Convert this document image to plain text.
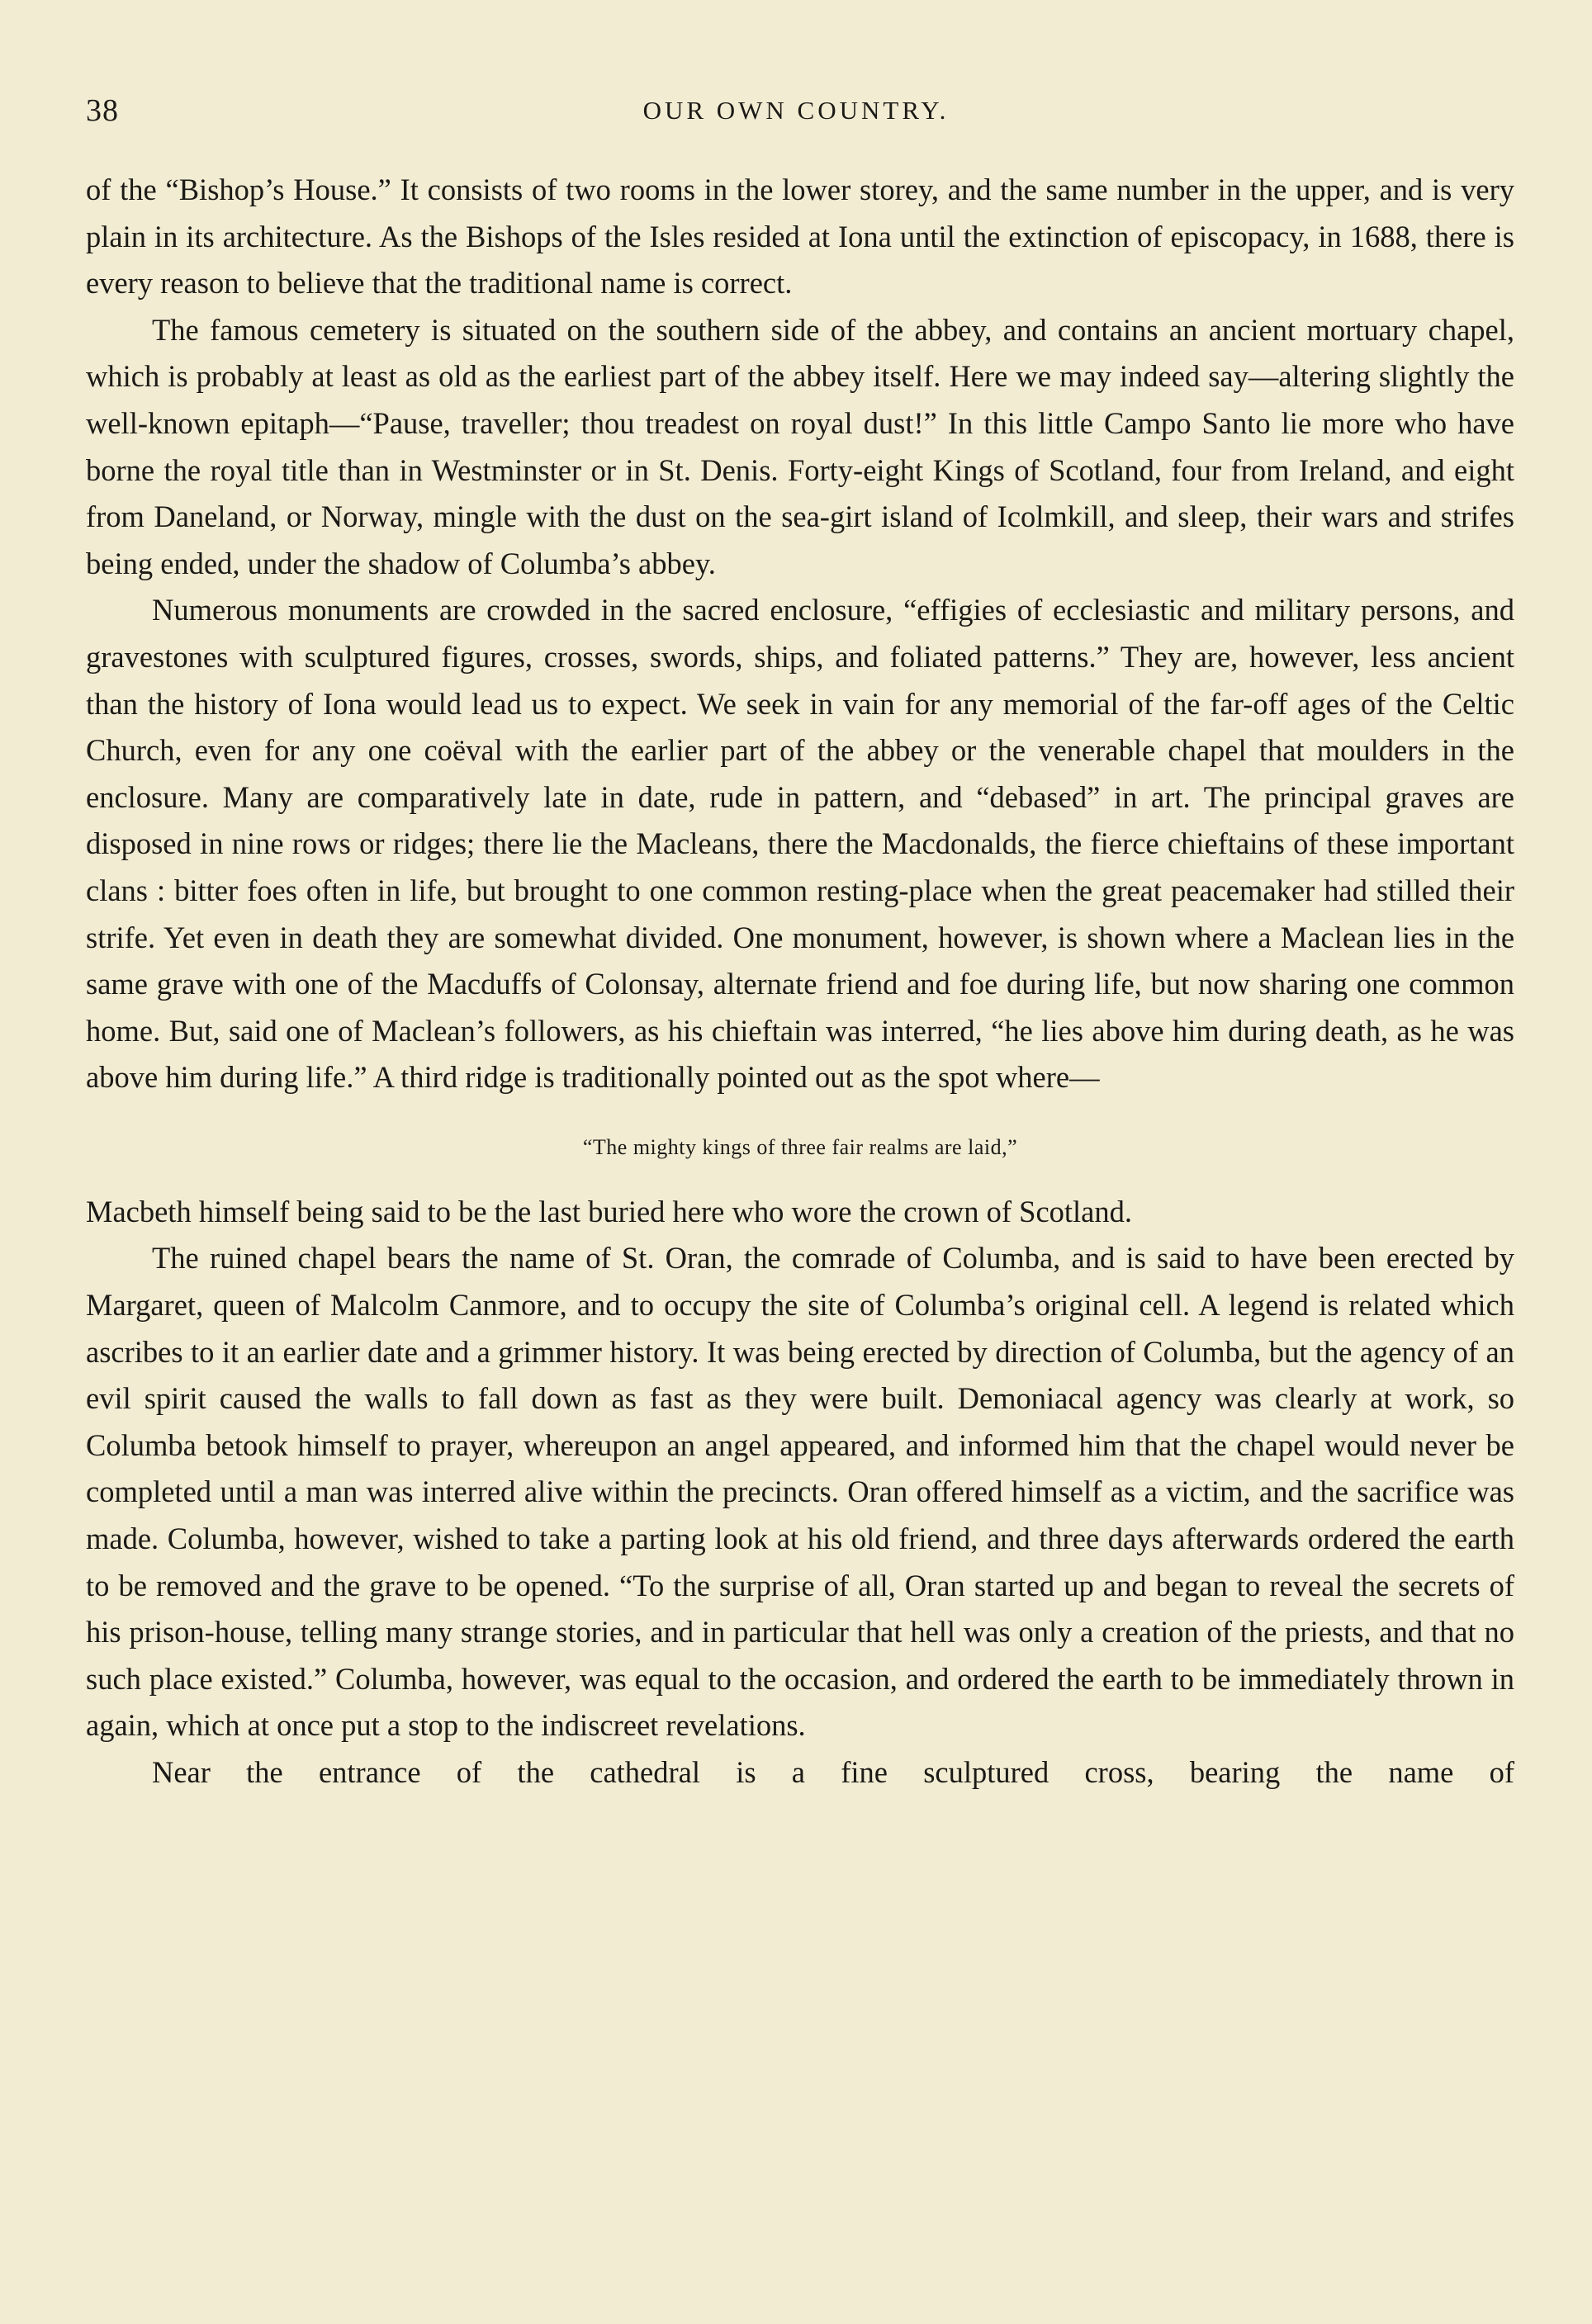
38	OUR OWN COUNTRY.

of the “Bishop’s House.” It consists of two rooms in the lower storey, and the same number in the upper, and is very plain in its architecture. As the Bishops of the Isles resided at Iona until the extinction of episcopacy, in 1688, there is every reason to believe that the traditional name is correct.

The famous cemetery is situated on the southern side of the abbey, and contains an ancient mortuary chapel, which is probably at least as old as the earliest part of the abbey itself. Here we may indeed say—altering slightly the well-known epitaph—“Pause, traveller; thou treadest on royal dust!” In this little Campo Santo lie more who have borne the royal title than in Westminster or in St. Denis. Forty-eight Kings of Scotland, four from Ireland, and eight from Daneland, or Norway, mingle with the dust on the sea-girt island of Icolmkill, and sleep, their wars and strifes being ended, under the shadow of Columba’s abbey.

Numerous monuments are crowded in the sacred enclosure, “effigies of ecclesiastic and military persons, and gravestones with sculptured figures, crosses, swords, ships, and foliated patterns.” They are, however, less ancient than the history of Iona would lead us to expect. We seek in vain for any memorial of the far-off ages of the Celtic Church, even for any one coëval with the earlier part of the abbey or the venerable chapel that moulders in the enclosure. Many are comparatively late in date, rude in pattern, and “debased” in art. The principal graves are disposed in nine rows or ridges; there lie the Macleans, there the Macdonalds, the fierce chieftains of these important clans : bitter foes often in life, but brought to one common resting-place when the great peacemaker had stilled their strife. Yet even in death they are somewhat divided. One monument, however, is shown where a Maclean lies in the same grave with one of the Macduffs of Colonsay, alternate friend and foe during life, but now sharing one common home. But, said one of Maclean’s followers, as his chieftain was interred, “he lies above him during death, as he was above him during life.” A third ridge is traditionally pointed out as the spot where—

“The mighty kings of three fair realms are laid,”

Macbeth himself being said to be the last buried here who wore the crown of Scotland.

The ruined chapel bears the name of St. Oran, the comrade of Columba, and is said to have been erected by Margaret, queen of Malcolm Canmore, and to occupy the site of Columba’s original cell. A legend is related which ascribes to it an earlier date and a grimmer history. It was being erected by direction of Columba, but the agency of an evil spirit caused the walls to fall down as fast as they were built. Demoniacal agency was clearly at work, so Columba betook himself to prayer, whereupon an angel appeared, and informed him that the chapel would never be completed until a man was interred alive within the precincts. Oran offered himself as a victim, and the sacrifice was made. Columba, however, wished to take a parting look at his old friend, and three days afterwards ordered the earth to be removed and the grave to be opened. “To the surprise of all, Oran started up and began to reveal the secrets of his prison-house, telling many strange stories, and in particular that hell was only a creation of the priests, and that no such place existed.” Columba, however, was equal to the occasion, and ordered the earth to be immediately thrown in again, which at once put a stop to the indiscreet revelations.

Near the entrance of the cathedral is a fine sculptured cross, bearing the name of
